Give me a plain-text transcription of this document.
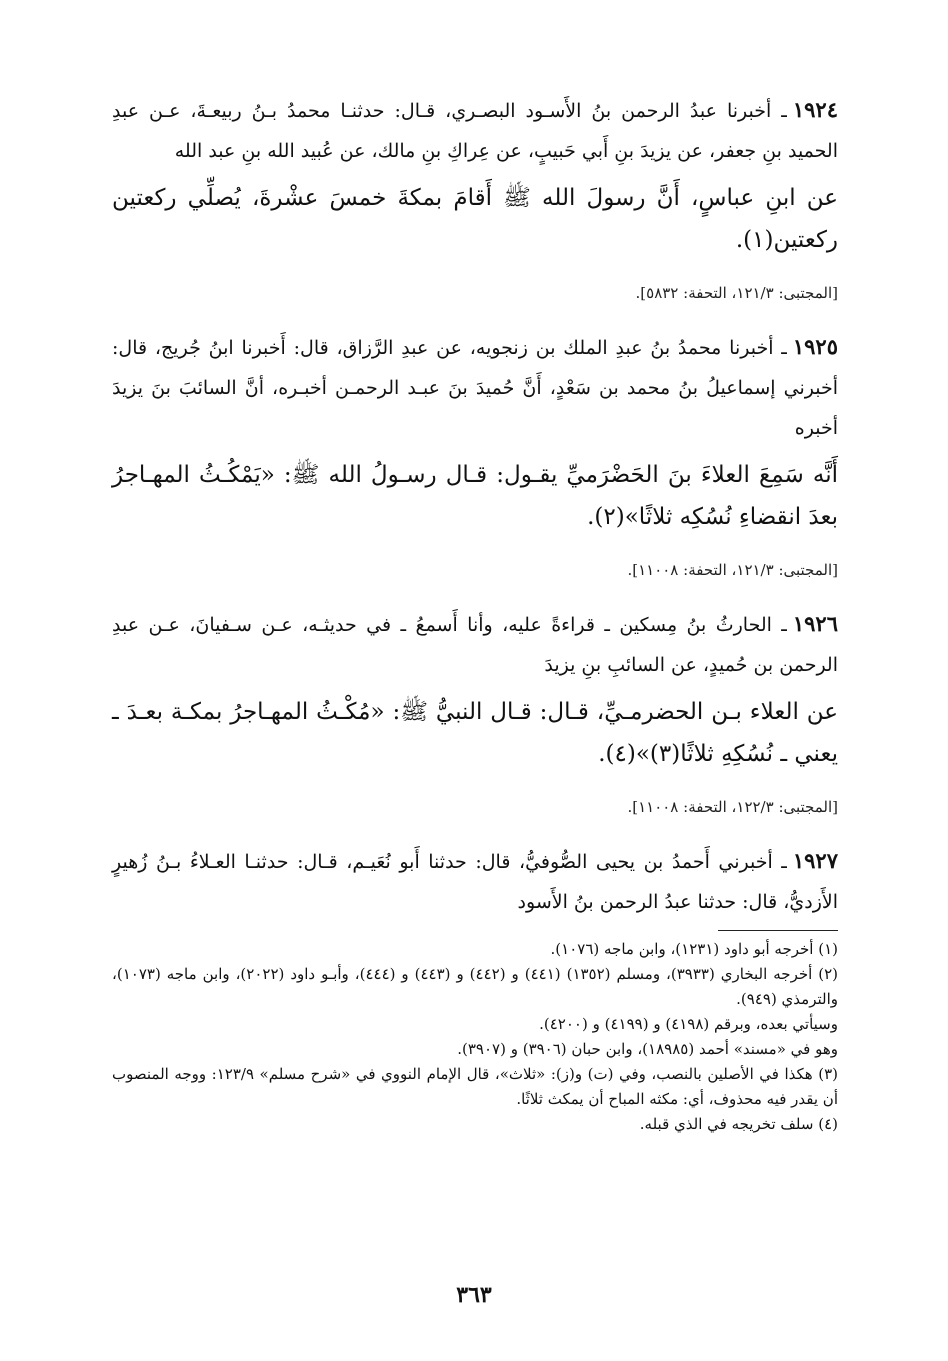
١٩٢٤ـ أخبرنا عبدُ الرحمن بنُ الأَسـود البصـري، قـال: حدثنـا محمدُ بـنُ ربيعـةَ، عـن عبدِ الحميد بنِ جعفر، عن يزيدَ بنِ أَبي حَبيبٍ، عن عِراكِ بنِ مالك، عن عُبيد الله بنِ عبد الله

عن ابنِ عباسٍ، أَنَّ رسولَ الله ﷺ أَقامَ بمكةَ خمسَ عشْرةَ، يُصلِّي ركعتين ركعتين(١).

[المجتبى: ١٢١/٣، التحفة: ٥٨٣٢].

١٩٢٥ـ أخبرنا محمدُ بنُ عبدِ الملك بن زنجويه، عن عبدِ الرَّزاق، قال: أَخبرنا ابنُ جُريج، قال: أخبرني إسماعيلُ بنُ محمد بن سَعْدٍ، أَنَّ حُميدَ بنَ عبـد الرحمـن أخبـره، أنَّ السائبَ بنَ يزيدَ أخبره

أَنَّه سَمِعَ العلاءَ بنَ الحَضْرَميِّ يقـول: قـال رسـولُ الله ﷺ: «يَمْكُـثُ المهـاجرُ بعدَ انقضاءِ نُسُكِه ثلاثًا»(٢).

[المجتبى: ١٢١/٣، التحفة: ١١٠٠٨].

١٩٢٦ـ الحارثُ بنُ مِسكين ـ قراءةً عليه، وأنا أَسمعُ ـ في حديثـه، عـن سـفيانَ، عـن عبدِ الرحمن بن حُميدٍ، عن السائبِ بنِ يزيدَ

عن العلاء بـن الحضرمـيِّ، قـال: قـال النبيُّ ﷺ: «مُكْـثُ المهـاجرُ بمكـة بعـدَ ـ يعني ـ نُسُكِهِ ثلاثًا(٣)»(٤).

[المجتبى: ١٢٢/٣، التحفة: ١١٠٠٨].

١٩٢٧ـ أخبرني أَحمدُ بن يحيى الصُّوفيُّ، قال: حدثنا أَبو نُعَيـم، قـال: حدثنـا العـلاءُ بـنُ زُهيرٍ الأَزديُّ، قال: حدثنا عبدُ الرحمن بنُ الأَسود

(١) أخرجه أبو داود (١٢٣١)، وابن ماجه (١٠٧٦).

(٢) أخرجه البخاري (٣٩٣٣)، ومسلم (١٣٥٢) (٤٤١) و (٤٤٢) و (٤٤٣) و (٤٤٤)، وأبـو داود (٢٠٢٢)، وابن ماجه (١٠٧٣)، والترمذي (٩٤٩).

وسيأتي بعده، وبرقم (٤١٩٨) و (٤١٩٩) و (٤٢٠٠).

وهو في «مسند» أحمد (١٨٩٨٥)، وابن حبان (٣٩٠٦) و (٣٩٠٧).

(٣) هكذا في الأصلين بالنصب، وفي (ت) و(ز): «ثلاث»، قال الإمام النووي في «شرح مسلم» ١٢٣/٩: ووجه المنصوب أن يقدر فيه محذوف، أي: مكثه المباح أن يمكث ثلاثًا.

(٤) سلف تخريجه في الذي قبله.

٣٦٣
